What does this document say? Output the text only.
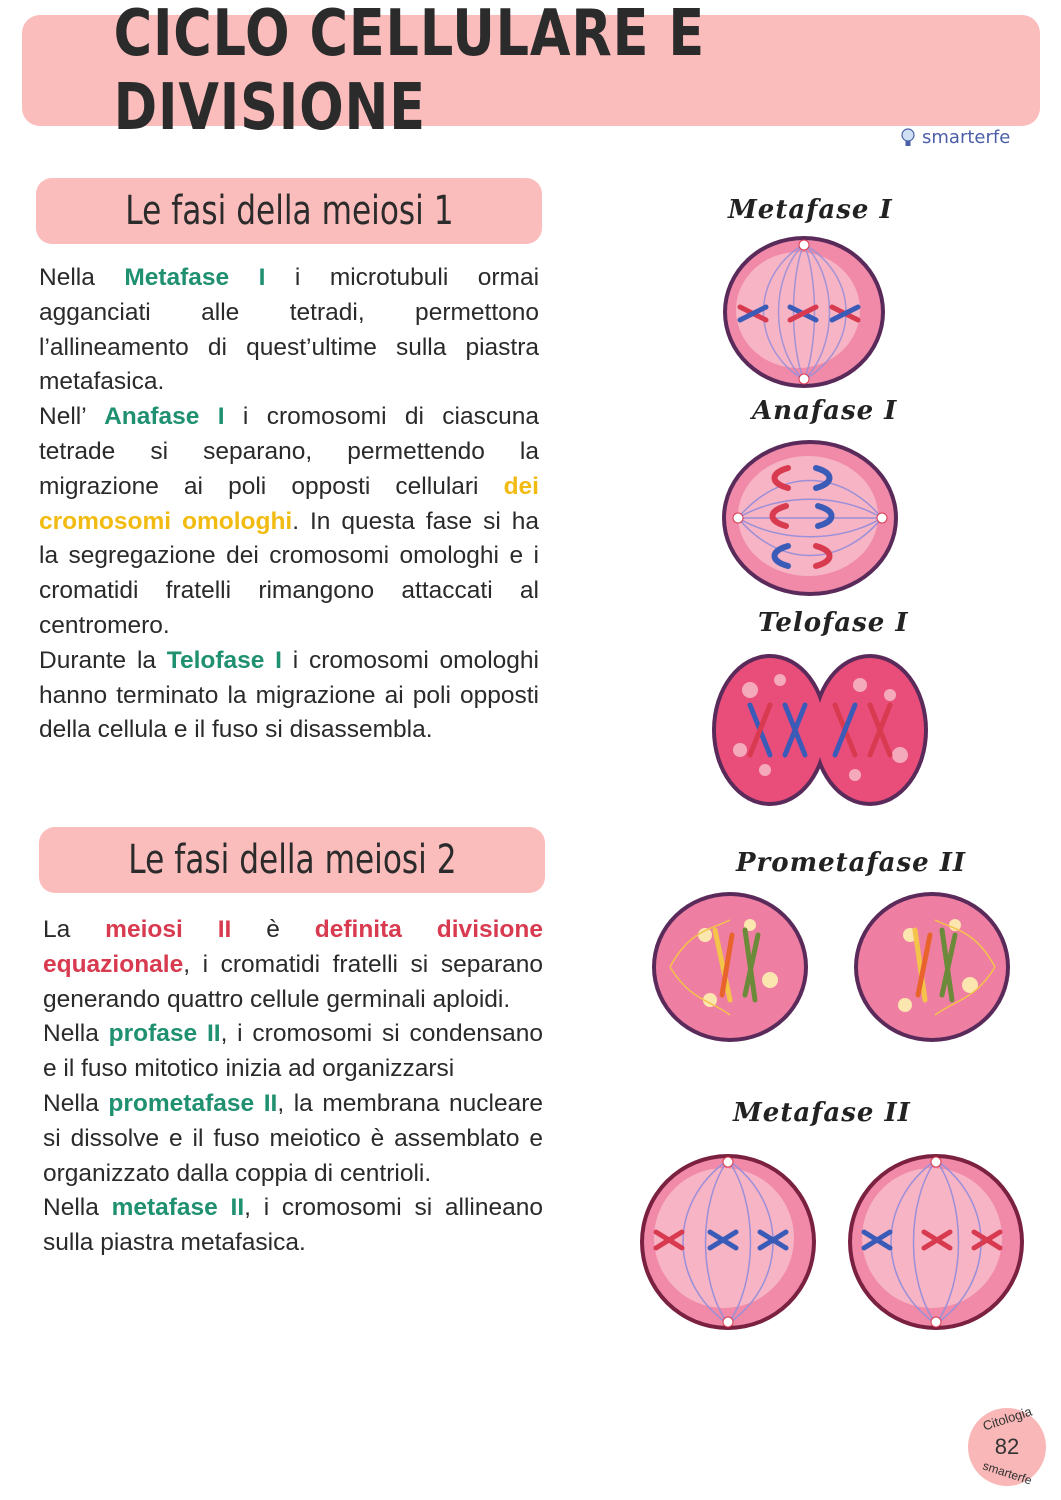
CICLO CELLULARE E DIVISIONE	smarterfe
Le fasi della meiosi 1

Nella Metafase I i microtubuli ormai agganciati alle tetradi, permettono l’allineamento di quest’ultime sulla piastra metafasica.

Nell’ Anafase I i cromosomi di ciascuna tetrade si separano, permettendo la migrazione ai poli opposti cellulari dei cromosomi omologhi. In questa fase si ha la segregazione dei cromosomi omologhi e i cromatidi fratelli rimangono attaccati al centromero.

Durante la Telofase I i cromosomi omologhi hanno terminato la migrazione ai poli opposti della cellula e il fuso si disassembla.

Le fasi della meiosi 2

La meiosi II è definita divisione equazionale, i cromatidi fratelli si separano generando quattro cellule germinali aploidi.

Nella profase II, i cromosomi si condensano e il fuso mitotico inizia ad organizzarsi

Nella prometafase II, la membrana nucleare si dissolve e il fuso meiotico è assemblato e organizzato dalla coppia di centrioli.

Nella metafase II, i cromosomi si allineano sulla piastra metafasica.

Metafase I
Anafase I
Telofase I
Prometafase II
Metafase II
Citologia
82
smarterfe
